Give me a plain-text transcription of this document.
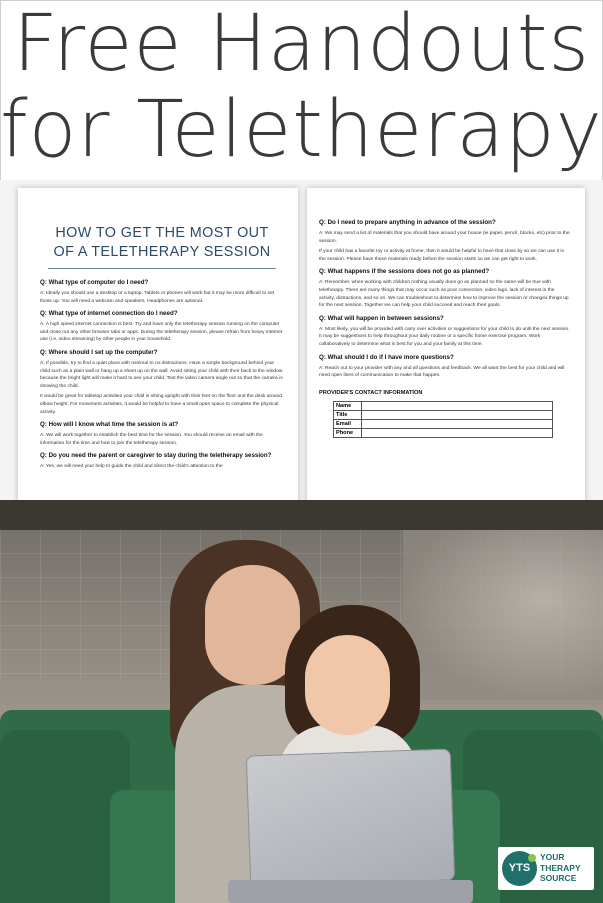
Free Handouts
for Teletherapy
HOW TO GET THE MOST OUT OF A TELETHERAPY SESSION
Q: What type of computer do I need?
A: Ideally you should use a desktop or a laptop. Tablets or phones will work but it may be more difficult to set those up. You will need a webcam and speakers. Headphones are optional.
Q: What type of internet connection do I need?
A: A high speed internet connection is best. Try and have only the teletherapy session running on the computer and close out any other browser tabs or apps. During the teletherapy session, please refrain from heavy internet use (i.e. video streaming) by other people in your household.
Q: Where should I set up the computer?
A: If possible, try to find a quiet place with minimal to no distractions. Have a simple background behind your child such as a plain wall or hang up a sheet up on the wall. Avoid sitting your child with their back to the window because the bright light will make it hard to see your child. Test the video camera angle out so that the camera is showing the child.
It would be great for tabletop activities your child is sitting upright with their feet on the floor and the desk around elbow height. For movement activities, it would be helpful to have a small open space to complete the physical activity.
Q: How will I know what time the session is at?
A: We will work together to establish the best time for the session. You should receive an email with the information for the time and how to join the teletherapy session.
Q: Do you need the parent or caregiver to stay during the teletherapy session?
A: Yes, we will need your help to guide the child and direct the child's attention to the
Q: Do I need to prepare anything in advance of the session?
A: We may send a list of materials that you should have around your house (ie paper, pencil, blocks, etc) prior to the session.
If your child has a favorite toy or activity at home, then it would be helpful to have that close by so we can use it in the session. Please have those materials ready before the session starts so we can get right to work.
Q: What happens if the sessions does not go as planned?
A: Remember, when working with children nothing usually does go as planned so the same will be true with teletherapy. There are many things that may occur such as poor connection, video lags, lack of interest in the activity, distractions, and so on. We can troubleshoot to determine how to improve the session or changes things up for the next session. Together we can help your child succeed and reach their goals.
Q: What will happen in between sessions?
A: Most likely, you will be provided with carry over activities or suggestions for your child to do until the next session. It may be suggestions to help throughout your daily routine or a specific home exercise program. Work collaboratively to determine what is best for you and your family at this time.
Q: What should I do if I have more questions?
A: Reach out to your provider with any and all questions and feedback. We all want the best for your child and will need open lines of communication to make that happen.
PROVIDER'S CONTACT INFORMATION
Name	
Title	
Email	
Phone	
YTS
YOUR
THERAPY
SOURCE
